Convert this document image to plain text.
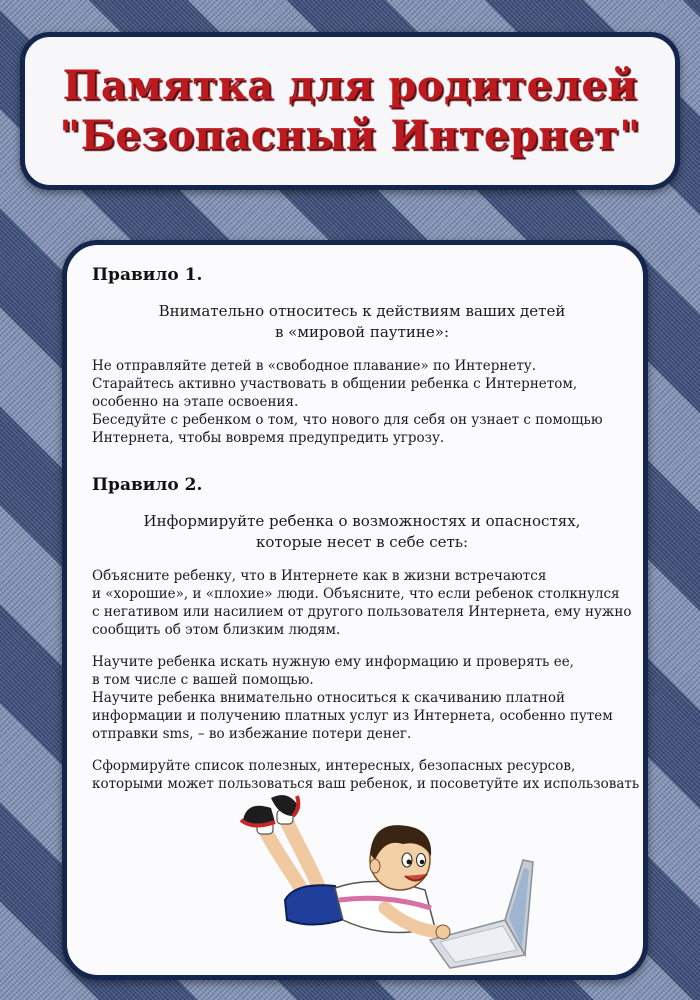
Памятка для родителей
"Безопасный Интернет"
Правило 1.
Внимательно относитесь к действиям ваших детей
в «мировой паутине»:
Не отправляйте детей в «свободное плавание» по Интернету.
Старайтесь активно участвовать в общении ребенка с Интернетом,
особенно на этапе освоения.
Беседуйте с ребенком о том, что нового для себя он узнает с помощью
Интернета, чтобы вовремя предупредить угрозу.
Правило 2.
Информируйте ребенка о возможностях и опасностях,
которые несет в себе сеть:
Объясните ребенку, что в Интернете как в жизни встречаются
и «хорошие», и «плохие» люди. Объясните, что если ребенок столкнулся
с негативом или насилием от другого пользователя Интернета, ему нужно
сообщить об этом близким людям.
Научите ребенка искать нужную ему информацию и проверять ее,
в том числе с вашей помощью.
Научите ребенка внимательно относиться к скачиванию платной
информации и получению платных услуг из Интернета, особенно путем
отправки sms, – во избежание потери денег.
Сформируйте список полезных, интересных, безопасных ресурсов,
которыми может пользоваться ваш ребенок, и посоветуйте их использовать
